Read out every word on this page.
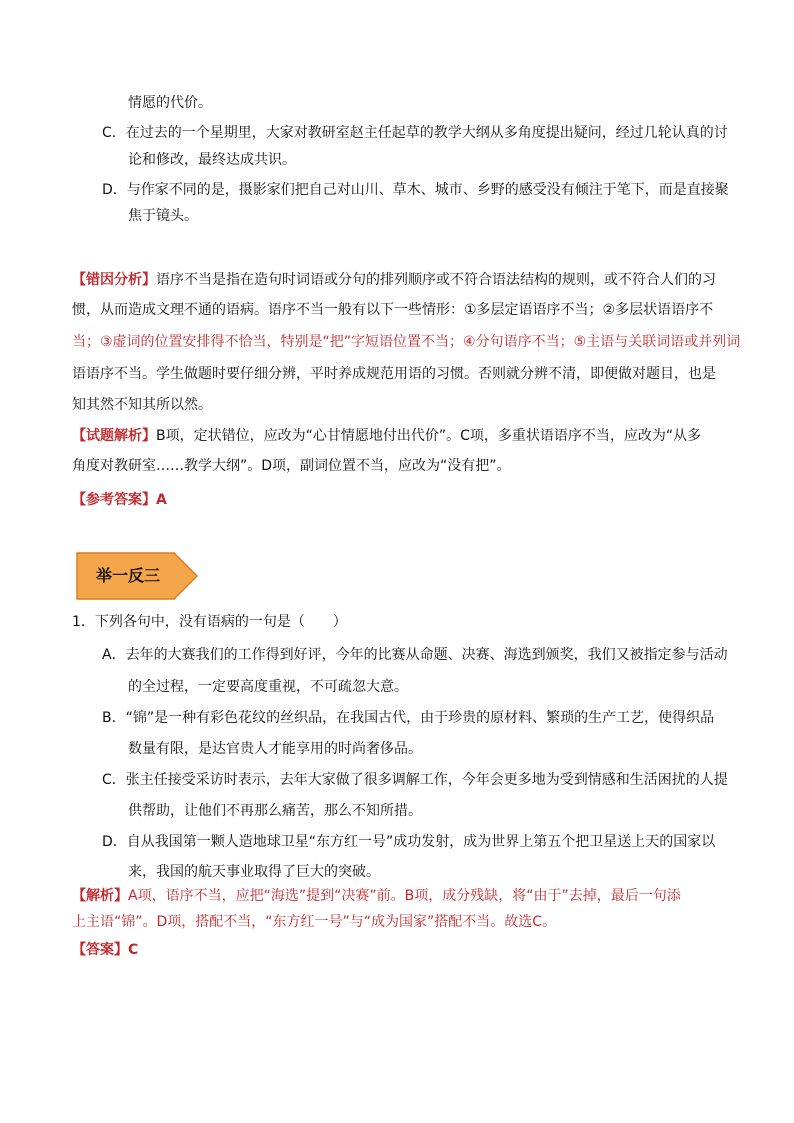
情愿的代价。
C．在过去的一个星期里，大家对教研室赵主任起草的教学大纲从多角度提出疑问，经过几轮认真的讨
论和修改，最终达成共识。
D．与作家不同的是，摄影家们把自己对山川、草木、城市、乡野的感受没有倾注于笔下，而是直接聚
焦于镜头。
【错因分析】语序不当是指在造句时词语或分句的排列顺序或不符合语法结构的规则，或不符合人们的习
惯，从而造成文理不通的语病。语序不当一般有以下一些情形：①多层定语语序不当；②多层状语语序不
当；③虚词的位置安排得不恰当，特别是“把”字短语位置不当；④分句语序不当；⑤主语与关联词语或并列词
语语序不当。学生做题时要仔细分辨，平时养成规范用语的习惯。否则就分辨不清，即便做对题目，也是
知其然不知其所以然。
【试题解析】B项，定状错位，应改为“心甘情愿地付出代价”。C项，多重状语语序不当，应改为“从多
角度对教研室……教学大纲”。D项，副词位置不当，应改为“没有把”。
【参考答案】A
举一反三
1．下列各句中，没有语病的一句是（　　）
A．去年的大赛我们的工作得到好评，今年的比赛从命题、决赛、海选到颁奖，我们又被指定参与活动
的全过程，一定要高度重视，不可疏忽大意。
B．“锦”是一种有彩色花纹的丝织品，在我国古代，由于珍贵的原材料、繁琐的生产工艺，使得织品
数量有限，是达官贵人才能享用的时尚奢侈品。
C．张主任接受采访时表示，去年大家做了很多调解工作，今年会更多地为受到情感和生活困扰的人提
供帮助，让他们不再那么痛苦，那么不知所措。
D．自从我国第一颗人造地球卫星“东方红一号”成功发射，成为世界上第五个把卫星送上天的国家以
来，我国的航天事业取得了巨大的突破。
【解析】A项，语序不当，应把“海选”提到“决赛”前。B项，成分残缺，将“由于”去掉，最后一句添
上主语“锦”。D项，搭配不当，“东方红一号”与“成为国家”搭配不当。故选C。
【答案】C
